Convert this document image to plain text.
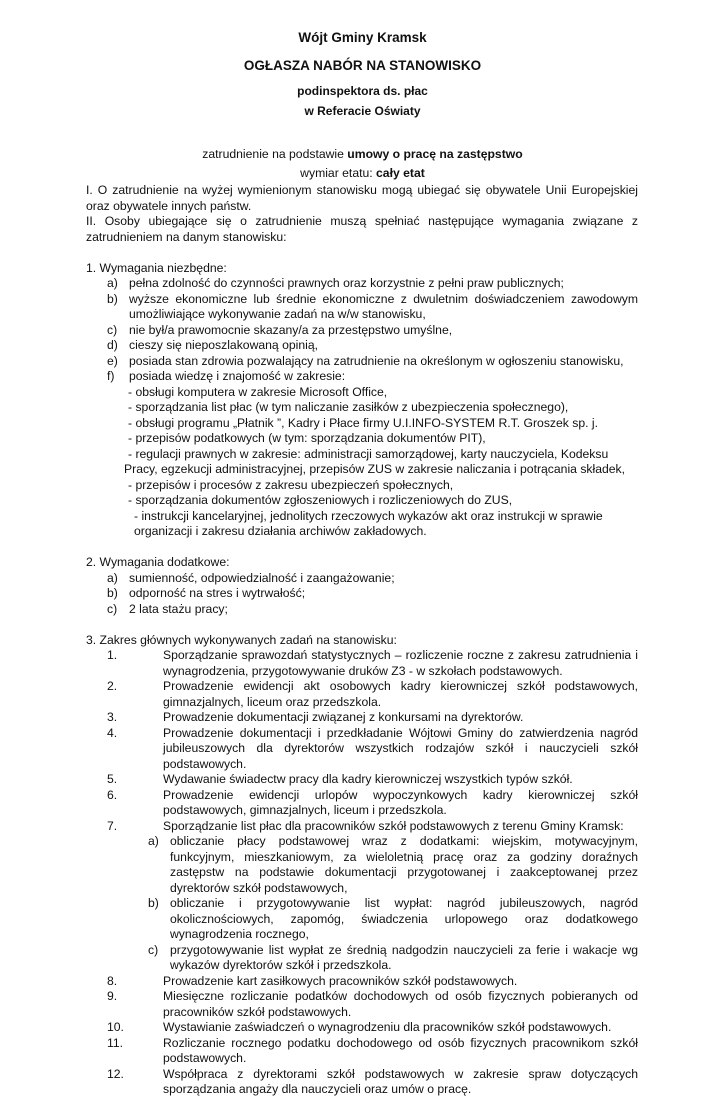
Wójt Gminy Kramsk
OGŁASZA NABÓR NA STANOWISKO
podinspektora ds. płac
w Referacie Oświaty
zatrudnienie na podstawie umowy o pracę na zastępstwo
wymiar etatu: cały etat
I. O zatrudnienie na wyżej wymienionym stanowisku mogą ubiegać się obywatele Unii Europejskiej oraz obywatele innych państw.
II. Osoby ubiegające się o zatrudnienie muszą spełniać następujące wymagania związane z zatrudnieniem na danym stanowisku:
1. Wymagania niezbędne:
a) pełna zdolność do czynności prawnych oraz korzystnie z pełni praw publicznych;
b) wyższe ekonomiczne lub średnie ekonomiczne z dwuletnim doświadczeniem zawodowym umożliwiające wykonywanie zadań na w/w stanowisku,
c) nie był/a prawomocnie skazany/a za przestępstwo umyślne,
d) cieszy się nieposzlakowaną opinią,
e) posiada stan zdrowia pozwalający na zatrudnienie na określonym w ogłoszeniu stanowisku,
f)	posiada wiedzę i znajomość w zakresie:
- obsługi komputera w zakresie Microsoft Office,
- sporządzania list płac (w tym naliczanie zasiłków z ubezpieczenia społecznego),
- obsługi programu „Płatnik ”, Kadry i Płace firmy U.I.INFO-SYSTEM R.T. Groszek sp. j.
- przepisów podatkowych (w tym: sporządzania dokumentów PIT),
- regulacji prawnych w zakresie: administracji samorządowej, karty nauczyciela, Kodeksu
Pracy, egzekucji administracyjnej, przepisów ZUS w zakresie naliczania i potrącania składek,
- przepisów i procesów z zakresu ubezpieczeń społecznych,
- sporządzania dokumentów zgłoszeniowych i rozliczeniowych do ZUS,
- instrukcji kancelaryjnej, jednolitych rzeczowych wykazów akt oraz instrukcji w sprawie
organizacji i zakresu działania archiwów zakładowych.
2. Wymagania dodatkowe:
a) sumienność, odpowiedzialność i zaangażowanie;
b) odporność na stres i wytrwałość;
c) 2 lata stażu pracy;
3. Zakres głównych wykonywanych zadań na stanowisku:
1.	Sporządzanie sprawozdań statystycznych – rozliczenie roczne z zakresu zatrudnienia i wynagrodzenia, przygotowywanie druków Z3 - w szkołach podstawowych.
2.	Prowadzenie ewidencji akt osobowych kadry kierowniczej szkół podstawowych, gimnazjalnych, liceum oraz przedszkola.
3.	Prowadzenie dokumentacji związanej z konkursami na dyrektorów.
4.	Prowadzenie dokumentacji i przedkładanie Wójtowi Gminy do zatwierdzenia nagród jubileuszowych dla dyrektorów wszystkich rodzajów szkół i nauczycieli szkół podstawowych.
5.	Wydawanie świadectw pracy dla kadry kierowniczej wszystkich typów szkół.
6.	Prowadzenie ewidencji urlopów wypoczynkowych kadry kierowniczej szkół podstawowych, gimnazjalnych, liceum i przedszkola.
7.	Sporządzanie list płac dla pracowników szkół podstawowych z terenu Gminy Kramsk:
a) obliczanie płacy podstawowej wraz z dodatkami: wiejskim, motywacyjnym, funkcyjnym, mieszkaniowym, za wieloletnią pracę oraz za godziny doraźnych zastępstw na podstawie dokumentacji przygotowanej i zaakceptowanej przez dyrektorów szkół podstawowych,
b) obliczanie i przygotowywanie list wypłat: nagród jubileuszowych, nagród okolicznościowych, zapomóg, świadczenia urlopowego oraz dodatkowego wynagrodzenia rocznego,
c) przygotowywanie list wypłat ze średnią nadgodzin nauczycieli za ferie i wakacje wg wykazów dyrektorów szkół i przedszkola.
8.	Prowadzenie kart zasiłkowych pracowników szkół podstawowych.
9.	Miesięczne rozliczanie podatków dochodowych od osób fizycznych pobieranych od pracowników szkół podstawowych.
10.	Wystawianie zaświadczeń o wynagrodzeniu dla pracowników szkół podstawowych.
11.	Rozliczanie rocznego podatku dochodowego od osób fizycznych pracownikom szkół podstawowych.
12.	Współpraca z dyrektorami szkół podstawowych w zakresie spraw dotyczących sporządzania angaży dla nauczycieli oraz umów o pracę.
